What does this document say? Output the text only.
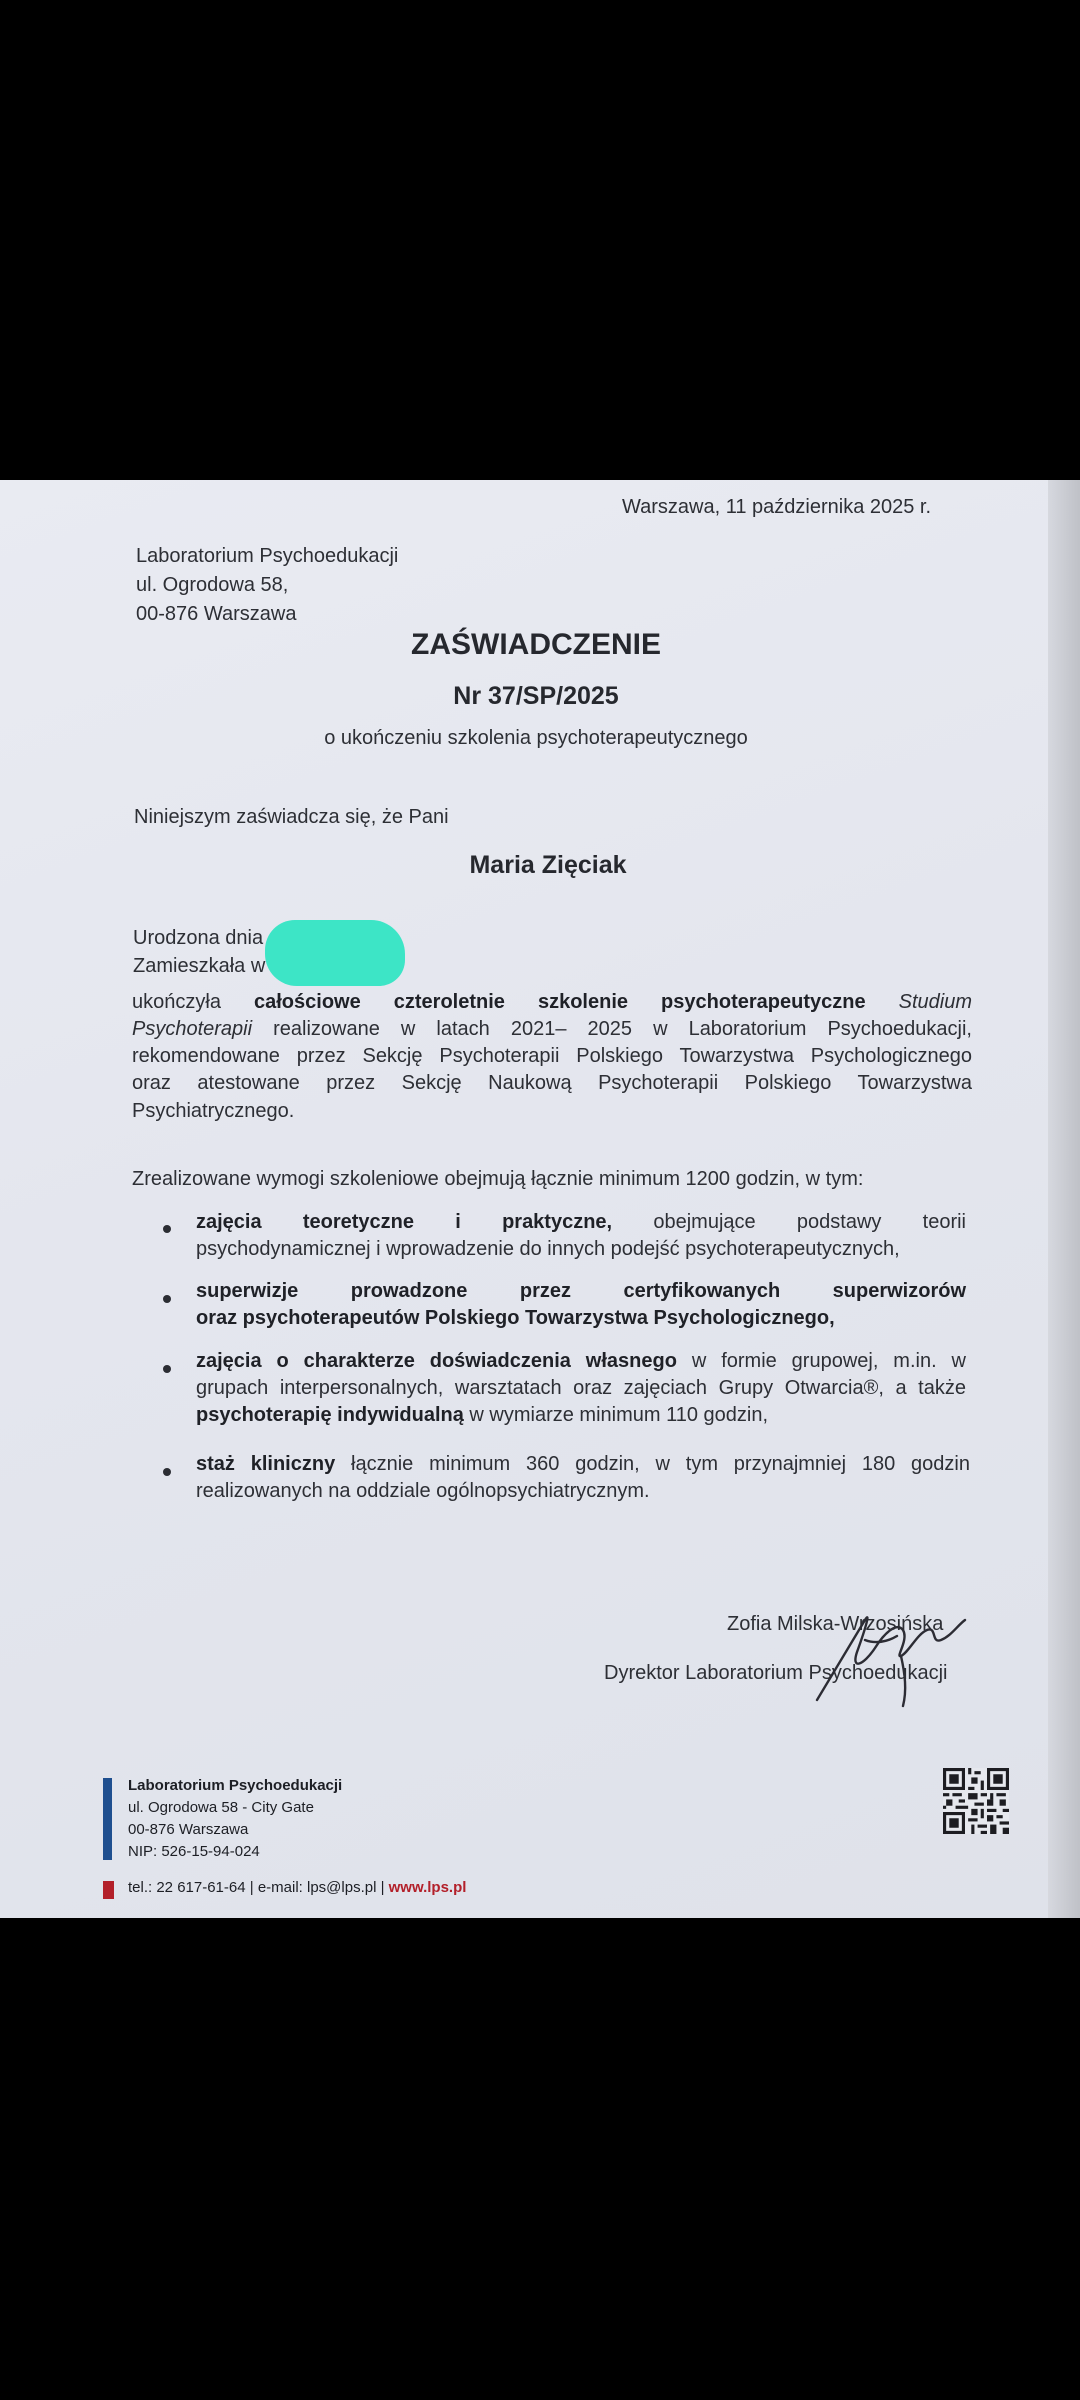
Warszawa, 11 października 2025 r.
Laboratorium Psychoedukacji
ul. Ogrodowa 58,
00-876 Warszawa
ZAŚWIADCZENIE
Nr 37/SP/2025
o ukończeniu szkolenia psychoterapeutycznego
Niniejszym zaświadcza się, że Pani
Maria Zięciak
Urodzona dnia
Zamieszkała w
ukończyła całościowe czteroletnie szkolenie psychoterapeutyczne Studium
Psychoterapii realizowane w latach 2021– 2025 w Laboratorium Psychoedukacji,
rekomendowane przez Sekcję Psychoterapii Polskiego Towarzystwa Psychologicznego
oraz atestowane przez Sekcję Naukową Psychoterapii Polskiego Towarzystwa
Psychiatrycznego.
Zrealizowane wymogi szkoleniowe obejmują łącznie minimum 1200 godzin, w tym:
zajęcia teoretyczne i praktyczne, obejmujące podstawy teorii
psychodynamicznej i wprowadzenie do innych podejść psychoterapeutycznych,
superwizje prowadzone przez certyfikowanych superwizorów
oraz psychoterapeutów Polskiego Towarzystwa Psychologicznego,
zajęcia o charakterze doświadczenia własnego w formie grupowej, m.in. w
grupach interpersonalnych, warsztatach oraz zajęciach Grupy Otwarcia®, a także
psychoterapię indywidualną w wymiarze minimum 110 godzin,
staż kliniczny łącznie minimum 360 godzin, w tym przynajmniej 180 godzin
realizowanych na oddziale ogólnopsychiatrycznym.
Zofia Milska-Wrzosińska
Dyrektor Laboratorium Psychoedukacji
Laboratorium Psychoedukacji
ul. Ogrodowa 58 - City Gate
00-876 Warszawa
NIP: 526-15-94-024
tel.: 22 617-61-64 | e-mail: lps@lps.pl | www.lps.pl
